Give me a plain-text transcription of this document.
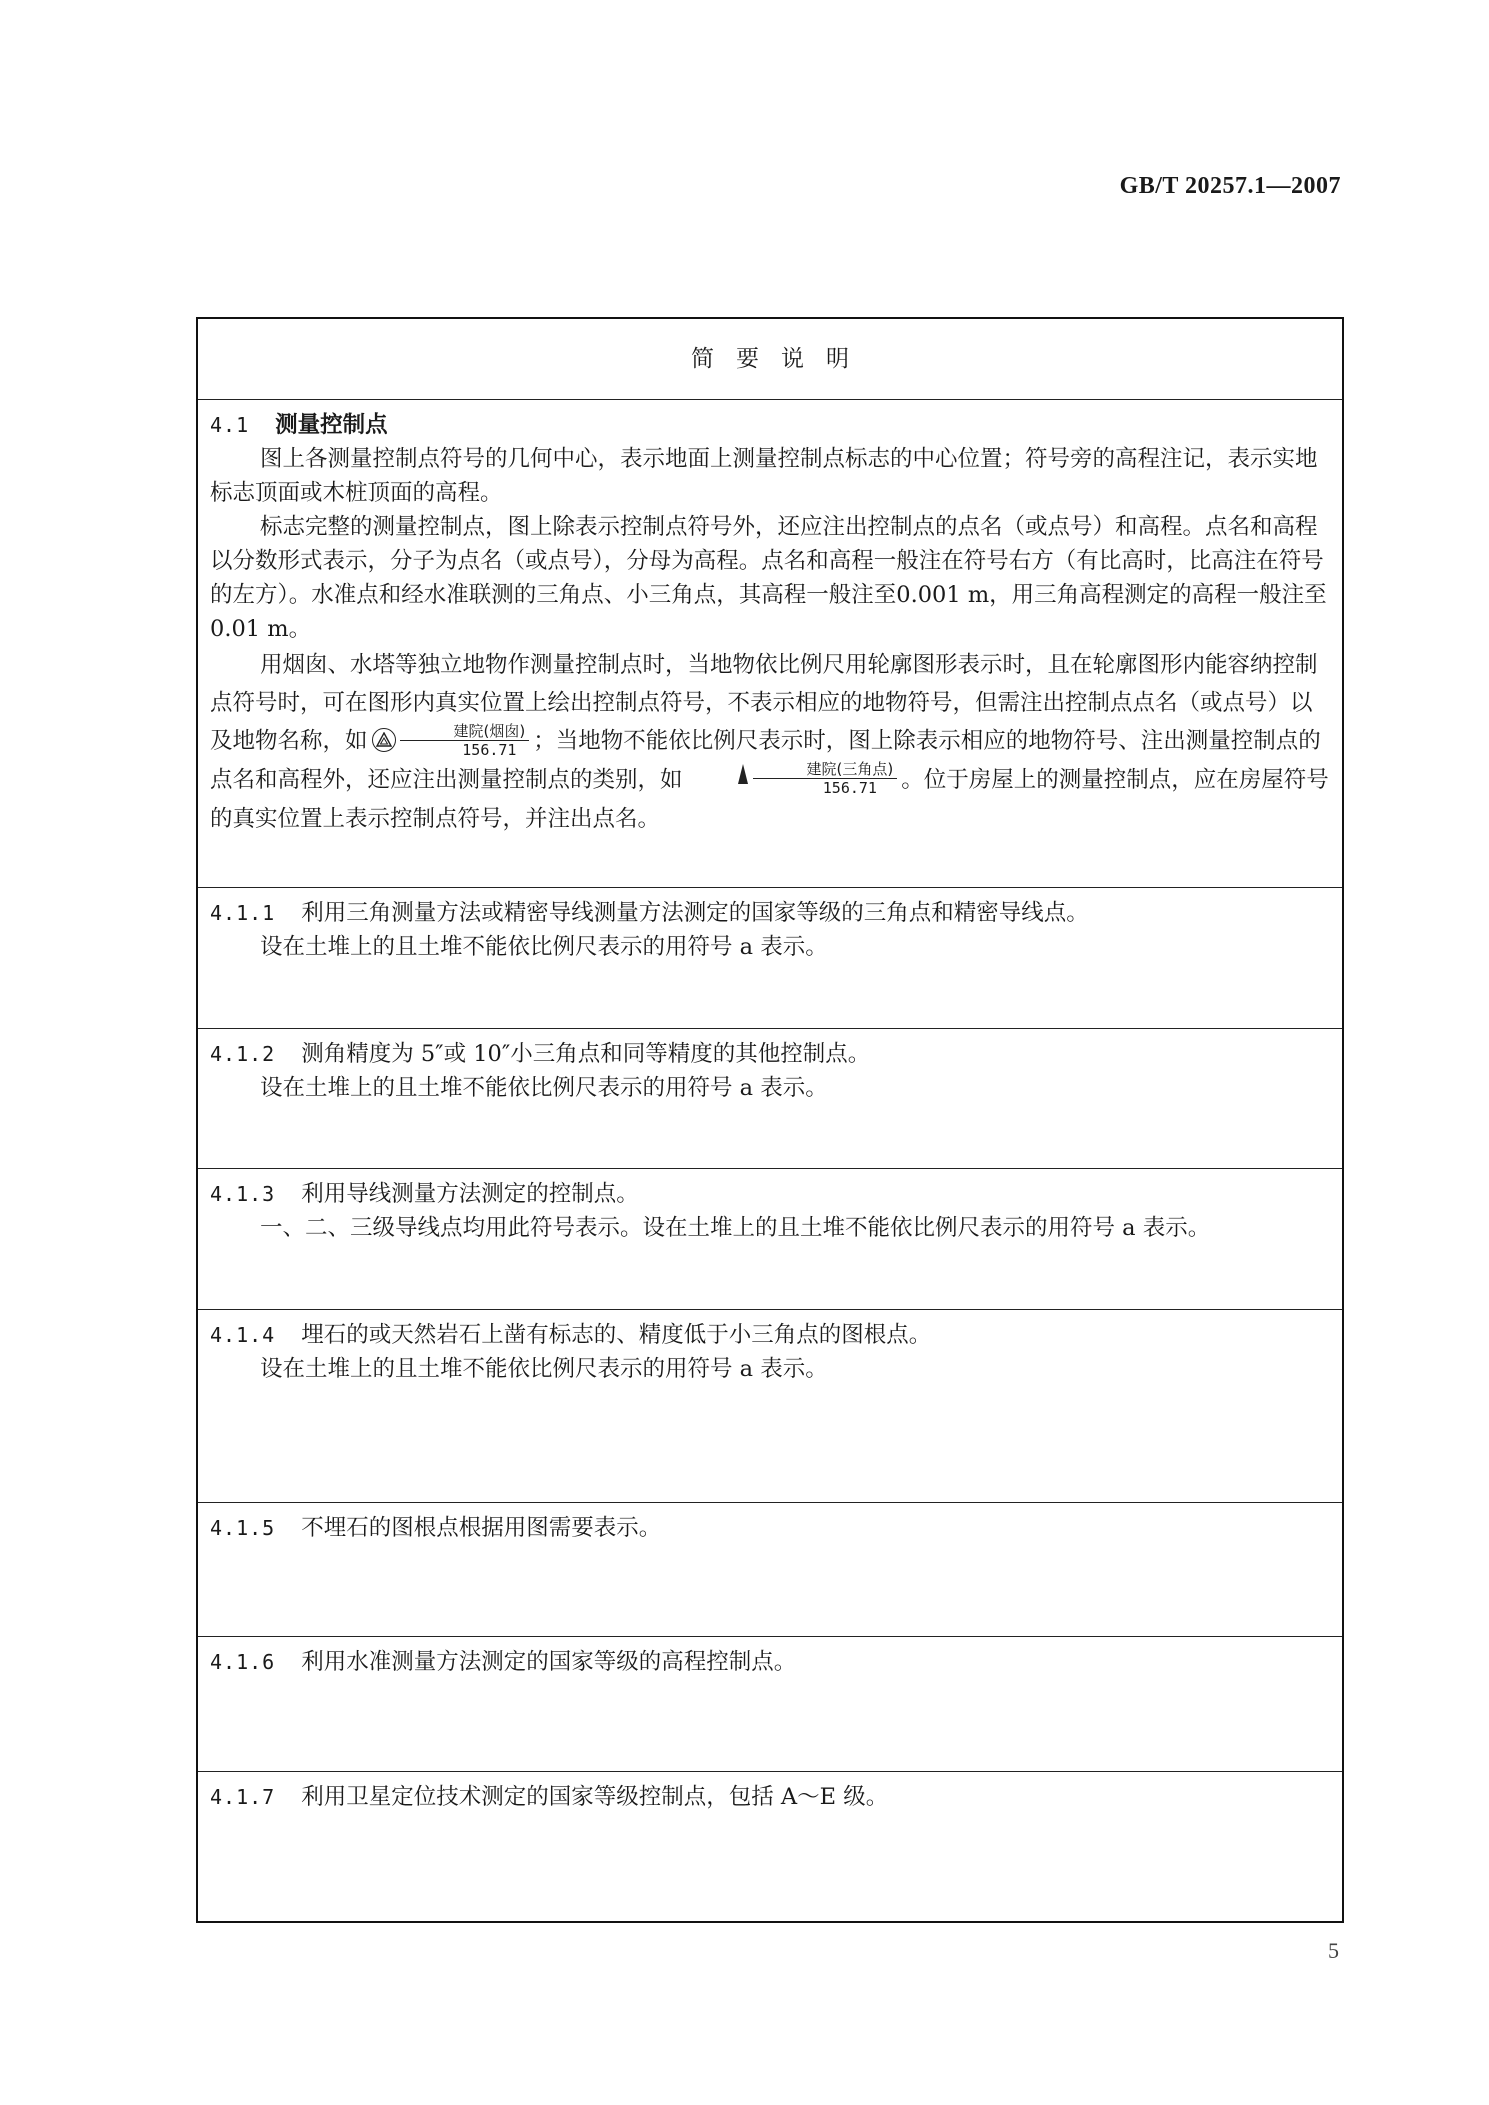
GB/T 20257.1—2007
简要说明

4.1 测量控制点

图上各测量控制点符号的几何中心，表示地面上测量控制点标志的中心位置；符号旁的高程注记，表示实地标志顶面或木桩顶面的高程。

标志完整的测量控制点，图上除表示控制点符号外，还应注出控制点的点名（或点号）和高程。点名和高程以分数形式表示，分子为点名（或点号），分母为高程。点名和高程一般注在符号右方（有比高时，比高注在符号的左方）。水准点和经水准联测的三角点、小三角点，其高程一般注至0.001 m，用三角高程测定的高程一般注至0.01 m。

用烟囱、水塔等独立地物作测量控制点时，当地物依比例尺用轮廓图形表示时，且在轮廓图形内能容纳控制点符号时，可在图形内真实位置上绘出控制点符号，不表示相应的地物符号，但需注出控制点点名（或点号）以及地物名称，如 $\frac{\text{建院(烟囱)}}{156.71}$ ；当地物不能依比例尺表示时，图上除表示相应的地物符号、注出测量控制点的点名和高程外，还应注出测量控制点的类别，如	$\frac{\text{建院(三角点)}}{156.71}$ 。位于房屋上的测量控制点，应在房屋符号的真实位置上表示控制点符号，并注出点名。

4.1.1 利用三角测量方法或精密导线测量方法测定的国家等级的三角点和精密导线点。

设在土堆上的且土堆不能依比例尺表示的用符号 a 表示。

4.1.2 测角精度为 5″或 10″小三角点和同等精度的其他控制点。

设在土堆上的且土堆不能依比例尺表示的用符号 a 表示。

4.1.3 利用导线测量方法测定的控制点。

一、二、三级导线点均用此符号表示。设在土堆上的且土堆不能依比例尺表示的用符号 a 表示。

4.1.4 埋石的或天然岩石上凿有标志的、精度低于小三角点的图根点。

设在土堆上的且土堆不能依比例尺表示的用符号 a 表示。

4.1.5 不埋石的图根点根据用图需要表示。

4.1.6 利用水准测量方法测定的国家等级的高程控制点。

4.1.7 利用卫星定位技术测定的国家等级控制点，包括 A～E 级。

5
